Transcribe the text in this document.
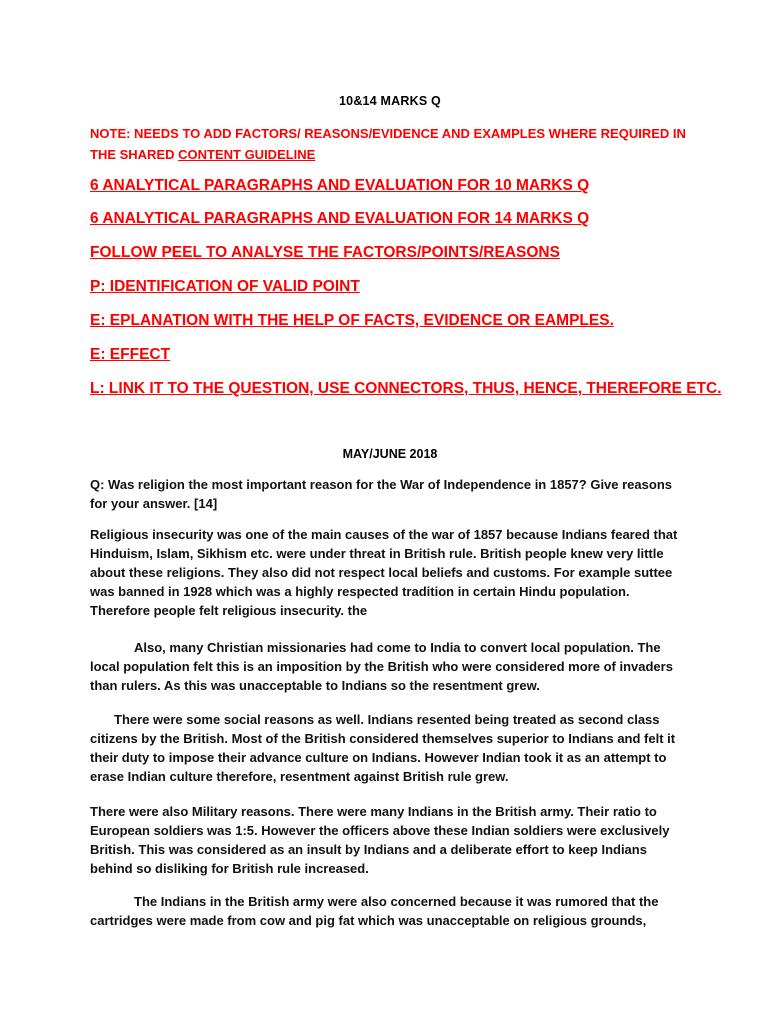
10&14 MARKS Q
NOTE: NEEDS TO ADD FACTORS/ REASONS/EVIDENCE AND EXAMPLES WHERE REQUIRED IN THE SHARED CONTENT GUIDELINE
6 ANALYTICAL PARAGRAPHS AND EVALUATION FOR 10 MARKS Q
6 ANALYTICAL PARAGRAPHS AND EVALUATION FOR 14 MARKS Q
FOLLOW PEEL TO ANALYSE THE FACTORS/POINTS/REASONS
P: IDENTIFICATION OF VALID POINT
E: EPLANATION WITH THE HELP OF FACTS, EVIDENCE OR EAMPLES.
E: EFFECT
L: LINK IT TO THE QUESTION, USE CONNECTORS, THUS, HENCE, THEREFORE ETC.
MAY/JUNE 2018
Q: Was religion the most important reason for the War of Independence in 1857? Give reasons for your answer. [14]
Religious insecurity was one of the main causes of the war of 1857 because Indians feared that Hinduism, Islam, Sikhism etc. were under threat in British rule. British people knew very little about these religions. They also did not respect local beliefs and customs. For example suttee was banned in 1928 which was a highly respected tradition in certain Hindu population. Therefore people felt religious insecurity. the
Also, many Christian missionaries had come to India to convert local population. The local population felt this is an imposition by the British who were considered more of invaders than rulers. As this was unacceptable to Indians so the resentment grew.
There were some social reasons as well. Indians resented being treated as second class citizens by the British. Most of the British considered themselves superior to Indians and felt it their duty to impose their advance culture on Indians. However Indian took it as an attempt to erase Indian culture therefore, resentment against British rule grew.
There were also Military reasons. There were many Indians in the British army. Their ratio to European soldiers was 1:5. However the officers above these Indian soldiers were exclusively British. This was considered as an insult by Indians and a deliberate effort to keep Indians behind so disliking for British rule increased.
The Indians in the British army were also concerned because it was rumored that the cartridges were made from cow and pig fat which was unacceptable on religious grounds,
